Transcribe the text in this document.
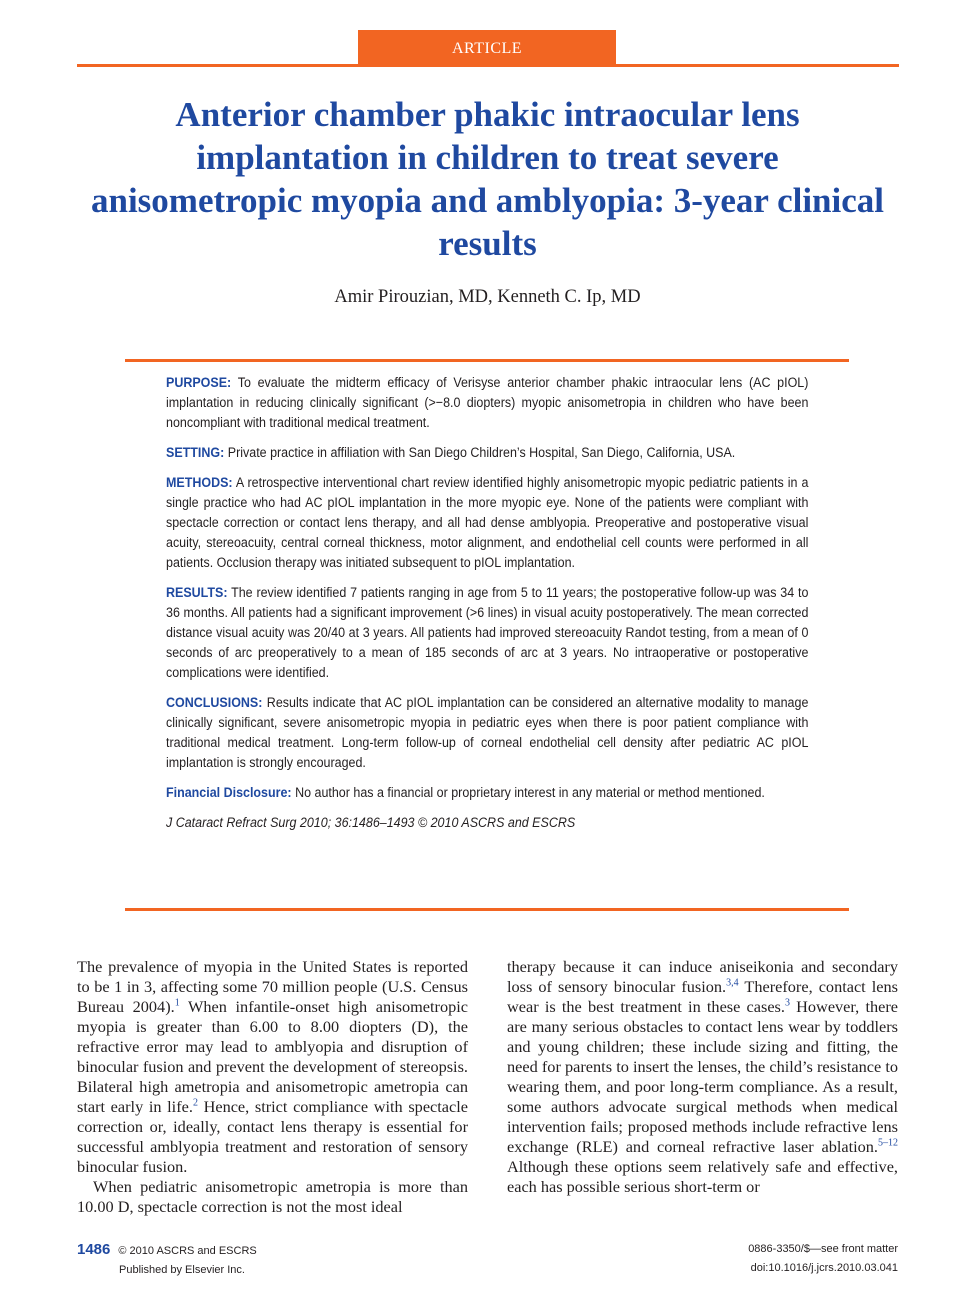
ARTICLE
Anterior chamber phakic intraocular lens implantation in children to treat severe anisometropic myopia and amblyopia: 3-year clinical results
Amir Pirouzian, MD, Kenneth C. Ip, MD

PURPOSE: To evaluate the midterm efficacy of Verisyse anterior chamber phakic intraocular lens (AC pIOL) implantation in reducing clinically significant (>−8.0 diopters) myopic anisometropia in children who have been noncompliant with traditional medical treatment.

SETTING: Private practice in affiliation with San Diego Children’s Hospital, San Diego, California, USA.

METHODS: A retrospective interventional chart review identified highly anisometropic myopic pediatric patients in a single practice who had AC pIOL implantation in the more myopic eye. None of the patients were compliant with spectacle correction or contact lens therapy, and all had dense amblyopia. Preoperative and postoperative visual acuity, stereoacuity, central corneal thickness, motor alignment, and endothelial cell counts were performed in all patients. Occlusion therapy was initiated subsequent to pIOL implantation.

RESULTS: The review identified 7 patients ranging in age from 5 to 11 years; the postoperative follow-up was 34 to 36 months. All patients had a significant improvement (>6 lines) in visual acuity postoperatively. The mean corrected distance visual acuity was 20/40 at 3 years. All patients had improved stereoacuity Randot testing, from a mean of 0 seconds of arc preoperatively to a mean of 185 seconds of arc at 3 years. No intraoperative or postoperative complications were identified.

CONCLUSIONS: Results indicate that AC pIOL implantation can be considered an alternative modality to manage clinically significant, severe anisometropic myopia in pediatric eyes when there is poor patient compliance with traditional medical treatment. Long-term follow-up of corneal endothelial cell density after pediatric AC pIOL implantation is strongly encouraged.

Financial Disclosure: No author has a financial or proprietary interest in any material or method mentioned.

J Cataract Refract Surg 2010; 36:1486–1493 © 2010 ASCRS and ESCRS

The prevalence of myopia in the United States is reported to be 1 in 3, affecting some 70 million people (U.S. Census Bureau 2004).$^1$ When infantile-onset high anisometropic myopia is greater than 6.00 to 8.00 diopters (D), the refractive error may lead to amblyopia and disruption of binocular fusion and prevent the development of stereopsis. Bilateral high ametropia and anisometropic ametropia can start early in life.$^2$ Hence, strict compliance with spectacle correction or, ideally, contact lens therapy is essential for successful amblyopia treatment and restoration of sensory binocular fusion.

When pediatric anisometropic ametropia is more than 10.00 D, spectacle correction is not the most ideal

therapy because it can induce aniseikonia and secondary loss of sensory binocular fusion.$^{3,4}$ Therefore, contact lens wear is the best treatment in these cases.$^3$ However, there are many serious obstacles to contact lens wear by toddlers and young children; these include sizing and fitting, the need for parents to insert the lenses, the child’s resistance to wearing them, and poor long-term compliance. As a result, some authors advocate surgical methods when medical intervention fails; proposed methods include refractive lens exchange (RLE) and corneal refractive laser ablation.$^{5-12}$ Although these options seem relatively safe and effective, each has possible serious short-term or

1486 © 2010 ASCRS and ESCRS
Published by Elsevier Inc.
0886-3350/$—see front matter
doi:10.1016/j.jcrs.2010.03.041
